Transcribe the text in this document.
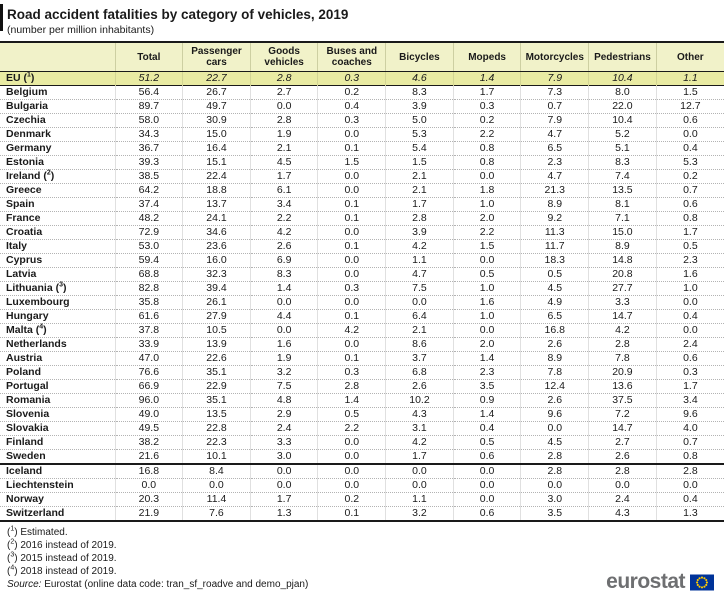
Road accident fatalities by category of vehicles, 2019
(number per million inhabitants)
	Total	Passenger cars	Goods vehicles	Buses and coaches	Bicycles	Mopeds	Motorcycles	Pedestrians	Other
EU ($^1$)	51.2	22.7	2.8	0.3	4.6	1.4	7.9	10.4	1.1
Belgium	56.4	26.7	2.7	0.2	8.3	1.7	7.3	8.0	1.5
Bulgaria	89.7	49.7	0.0	0.4	3.9	0.3	0.7	22.0	12.7
Czechia	58.0	30.9	2.8	0.3	5.0	0.2	7.9	10.4	0.6
Denmark	34.3	15.0	1.9	0.0	5.3	2.2	4.7	5.2	0.0
Germany	36.7	16.4	2.1	0.1	5.4	0.8	6.5	5.1	0.4
Estonia	39.3	15.1	4.5	1.5	1.5	0.8	2.3	8.3	5.3
Ireland ($^2$)	38.5	22.4	1.7	0.0	2.1	0.0	4.7	7.4	0.2
Greece	64.2	18.8	6.1	0.0	2.1	1.8	21.3	13.5	0.7
Spain	37.4	13.7	3.4	0.1	1.7	1.0	8.9	8.1	0.6
France	48.2	24.1	2.2	0.1	2.8	2.0	9.2	7.1	0.8
Croatia	72.9	34.6	4.2	0.0	3.9	2.2	11.3	15.0	1.7
Italy	53.0	23.6	2.6	0.1	4.2	1.5	11.7	8.9	0.5
Cyprus	59.4	16.0	6.9	0.0	1.1	0.0	18.3	14.8	2.3
Latvia	68.8	32.3	8.3	0.0	4.7	0.5	0.5	20.8	1.6
Lithuania ($^3$)	82.8	39.4	1.4	0.3	7.5	1.0	4.5	27.7	1.0
Luxembourg	35.8	26.1	0.0	0.0	0.0	1.6	4.9	3.3	0.0
Hungary	61.6	27.9	4.4	0.1	6.4	1.0	6.5	14.7	0.4
Malta ($^4$)	37.8	10.5	0.0	4.2	2.1	0.0	16.8	4.2	0.0
Netherlands	33.9	13.9	1.6	0.0	8.6	2.0	2.6	2.8	2.4
Austria	47.0	22.6	1.9	0.1	3.7	1.4	8.9	7.8	0.6
Poland	76.6	35.1	3.2	0.3	6.8	2.3	7.8	20.9	0.3
Portugal	66.9	22.9	7.5	2.8	2.6	3.5	12.4	13.6	1.7
Romania	96.0	35.1	4.8	1.4	10.2	0.9	2.6	37.5	3.4
Slovenia	49.0	13.5	2.9	0.5	4.3	1.4	9.6	7.2	9.6
Slovakia	49.5	22.8	2.4	2.2	3.1	0.4	0.0	14.7	4.0
Finland	38.2	22.3	3.3	0.0	4.2	0.5	4.5	2.7	0.7
Sweden	21.6	10.1	3.0	0.0	1.7	0.6	2.8	2.6	0.8
Iceland	16.8	8.4	0.0	0.0	0.0	0.0	2.8	2.8	2.8
Liechtenstein	0.0	0.0	0.0	0.0	0.0	0.0	0.0	0.0	0.0
Norway	20.3	11.4	1.7	0.2	1.1	0.0	3.0	2.4	0.4
Switzerland	21.9	7.6	1.3	0.1	3.2	0.6	3.5	4.3	1.3
($^1$) Estimated.
($^2$) 2016 instead of 2019.
($^3$) 2015 instead of 2019.
($^4$) 2018 instead of 2019.
Source: Eurostat (online data code: tran_sf_roadve and demo_pjan)	eurostat
